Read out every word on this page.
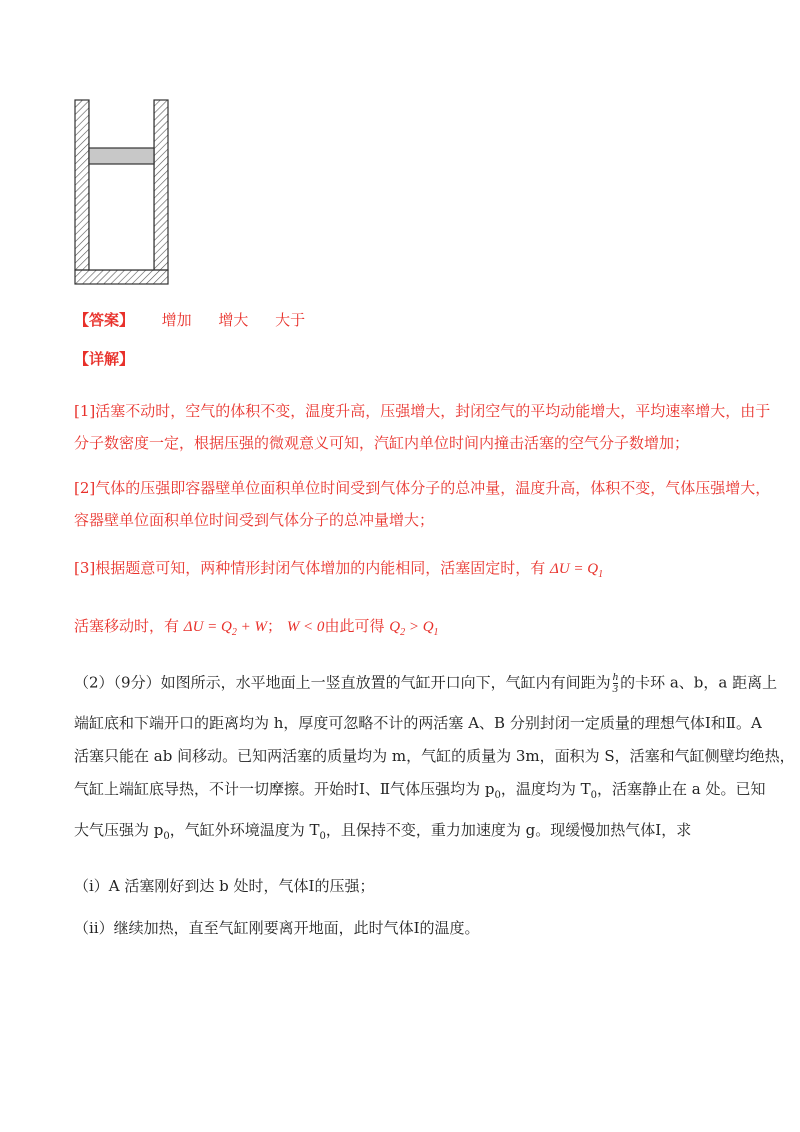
【答案】 增加 增大 大于
【详解】
[1]活塞不动时，空气的体积不变，温度升高，压强增大，封闭空气的平均动能增大，平均速率增大，由于
分子数密度一定，根据压强的微观意义可知，汽缸内单位时间内撞击活塞的空气分子数增加；
[2]气体的压强即容器壁单位面积单位时间受到气体分子的总冲量，温度升高，体积不变，气体压强增大，
容器壁单位面积单位时间受到气体分子的总冲量增大；
[3]根据题意可知，两种情形封闭气体增加的内能相同，活塞固定时，有 $\Delta U = Q_1$
活塞移动时，有 $\Delta U = Q_2 + W$； W < 0由此可得 $Q_2 > Q_1$
（2）（9分）如图所示，水平地面上一竖直放置的气缸开口向下，气缸内有间距为 $\frac{h}{3}$ 的卡环 a、b，a 距离上
端缸底和下端开口的距离均为 h，厚度可忽略不计的两活塞 A、B 分别封闭一定质量的理想气体Ⅰ和Ⅱ。A
活塞只能在 ab 间移动。已知两活塞的质量均为 m，气缸的质量为 3m，面积为 S，活塞和气缸侧壁均绝热，
气缸上端缸底导热，不计一切摩擦。开始时Ⅰ、Ⅱ气体压强均为 $p_0$，温度均为 $T_0$，活塞静止在 a 处。已知
大气压强为 $p_0$，气缸外环境温度为 $T_0$，且保持不变，重力加速度为 g。现缓慢加热气体Ⅰ，求
（ⅰ）A 活塞刚好到达 b 处时，气体Ⅰ的压强；
（ⅱ）继续加热，直至气缸刚要离开地面，此时气体Ⅰ的温度。
